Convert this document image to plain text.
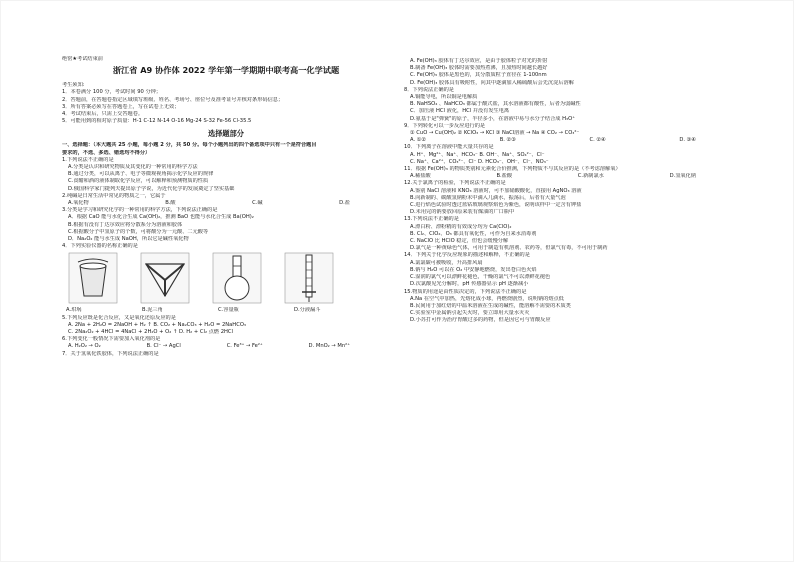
绝密★考试结束前
浙江省 A9 协作体 2022 学年第一学期期中联考高一化学试题
考生须知:
1．本卷满分 100 分，考试时间 90 分钟；
2．答题前，在答题卷指定区域填写班级、姓名、考场号、座位号及准考证号并核对条形码信息；
3．所有答案必须写在答题卷上，写在试卷上无效；
4．考试结束后，只需上交答题卷。
5．可能用到的相对原子质量：H-1 C-12 N-14 O-16 Mg-24 S-32 Fe-56 Cl-35.5
选择题部分
一、选择题：（本大题共 25 小题，每小题 2 分，共 50 分。每个小题列出的四个备选项中只有一个是符合题目
要求的，不选、多选、错选均不得分）
1.下列说法不正确的是
A.分类是认识和研究物质及其变化的一种常用的科学方法
B.通过分类，可以从离子、电子等微观视角揭示化学反应的规律
C.食醋和酒的液体制取化学反应，可以解释和预测物质的性质
D.俄国科学家门捷列夫提出原子学说，为近代化学的发展奠定了坚实基础
2.纯碱是日常生活中常见的物质之一，它属于
A.氧化物	B.酸	C.碱	D.盐
3.分类是学习和研究化学的一种常用的科学方法，下列说法正确的是
A．根据 CaO 能与水化合生成 Ca(OH)₂，推测 BaO 也能与水化合生成 Ba(OH)₂
B.根据有没有丁达尔效应将分散系分为溶液和胶体
C.根据酸分子中氢原子的个数，可将酸分为一元酸、二元酸等
D．Na₂O₂ 能与水生成 NaOH，所以它是碱性氧化物
4．下列实验仪器的名称正确的是
A.坩埚	B.泥三角	C.容量瓶	D.分液漏斗
5.下列反应既是化合反应，又是氧化还原反应的是
A. 2Na + 2H₂O = 2NaOH + H₂ ↑ B. CO₂ + Na₂CO₃ + H₂O = 2NaHCO₃
C. 2Na₂O₂ + 4HCl = 4NaCl + 2H₂O + O₂ ↑ D. H₂ + Cl₂ 点燃 2HCl
6.下列变化一般情况下需要加入氧化剂的是
A. H₂O₂ → O₂	B. Cl⁻ → AgCl	C. Fe³⁺ → Fe²⁺	D. MnO₂ → Mn²⁺
7．关于氢氧化铁胶体，下列说法正确的是
A. Fe(OH)₃ 胶体有丁达尔效应，是由于胶体粒子对光的折射
B.制备 Fe(OH)₃ 胶体时需要加热煮沸，且加热时间越长越好
C. Fe(OH)₃ 胶体是黑色的，其分散质粒子直径在 1-100nm
D. Fe(OH)₃ 胶体具有吸附性，向其中逐滴加入稀硫酸后会先沉淀后溶解
8．下列说法正确的是
A.铜能导电，所以铜是电解质
B. NaHSO₄ 、NaHCO₃ 都属于酸式盐，其水溶液都有酸性，后者为弱碱性
C．加压液 HCl 液化，HCl 并没有发生电离
D.氨基于是"弹簧"的原子，半径多小，在溶液中易与水分子结合成 H₃O⁺
9．下列转化可以一步反应进行的是
① CuO → Cu(OH)₂ ② KClO₃ → KCl ③ NaCl溶液 → Na ④ CO₂ → CO₃²⁻
A. ①②	B. ②③	C. ②④	D. ③④
10．下列离子在溶液中能大量共存的是
A. H⁺、Mg²⁺、Na⁺、HCO₃⁻ B. OH⁻、Na⁺、SO₄²⁻、Cl⁻
C. Na⁺、Ca²⁺、CO₃²⁻、Cl⁻ D. HCO₃⁻、OH⁻、Cl⁻、NO₃⁻
11．根据 Fe(OH)₃ 的物质类别和元素化合价推测，下列物质不与其反应的是（不考虑溶解氧）
A.稀盐酸	B.盐酸	C.新制氯水	D.氢氧化钠
12.关于氯离子的检验，下列说法不正确的是
A.鉴别 NaCl 溶液和 KNO₃ 溶液时，可不加硝酸酸化，直接用 AgNO₃ 溶液
B.向新制的、碳酸氢钠粉末中滴入几滴水，振荡后，后者有大量气泡
C.进行焰色试验时透过蓝钴玻璃观察焰色为紫色，说明该样中一定含有钾盐
D.未用完的钠要放回原来装有煤油的广口瓶中
13.下列说法不正确的是
A.漂白粉、漂粉精的有效成分均为 Ca(ClO)₂
B. Cl₂、ClO₂、O₃ 都具有氧化性，可作为自来水消毒剂
C. NaClO 比 HClO 稳定，但也会缓慢分解
D.氯气是一种黄绿色气体，可用于制造有机溶剂、农药等，但氯气有毒，不可用于制药
14．下列关于化学反应现象的描述和解释，不正确的是
A.氯氯碳可被吸收，升高排风扇
B.钠与 H₂O 可以在 O₂ 中安静地燃烧，发出苍白色火焰
C.湿润的氯气可以漂鲜花褪色，干燥的氯气不可以漂鲜花褪色
D.次氯酸见光分解时，pH 传感器显示 pH 逐渐减小
15.物质的用途是由性质决定的，下列说法不正确的是
A.Na 在空气中加热，先熔化成小球，再燃烧剧烈，说明钠的熔点低
B.民间用于加红焙的中温米溶液在生成的碱性，能溶解不需要的木质类
C.实验室中金属钠引起失火时，要立即用大量水灭灭
D.小苏打可作为治疗胃酸过多的药物，但是因它可与胃酸反应
